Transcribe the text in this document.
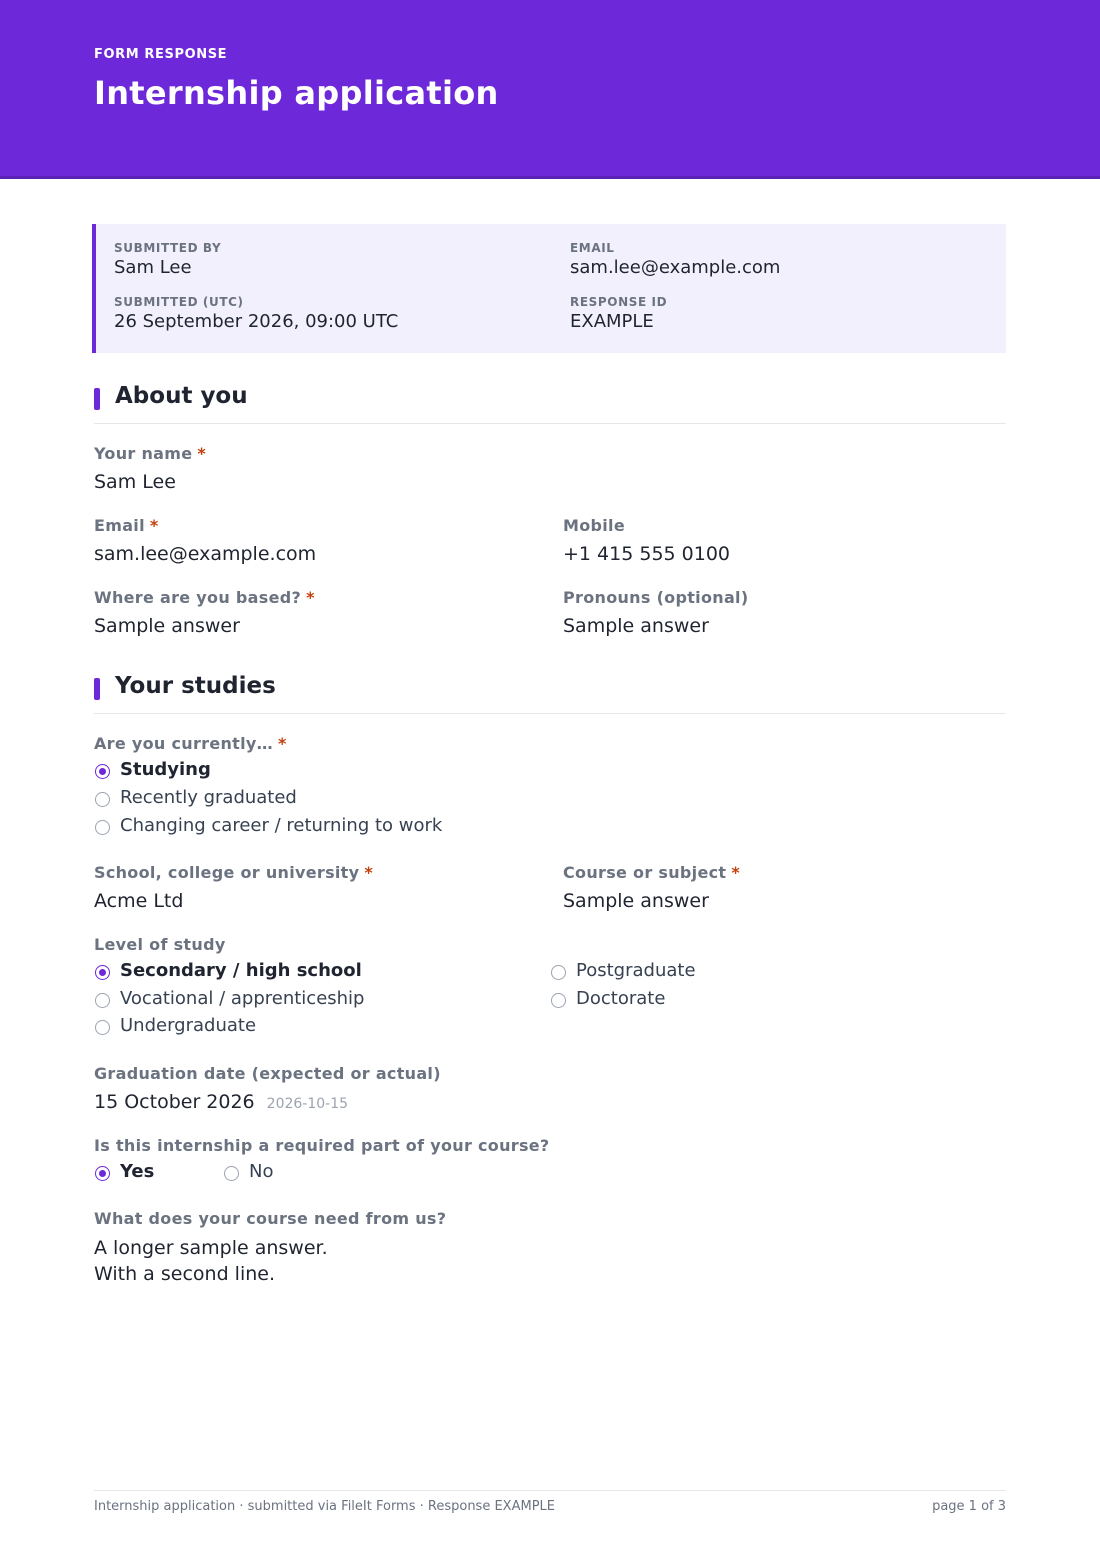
FORM RESPONSE
Internship application
SUBMITTED BY
Sam Lee
EMAIL
sam.lee@example.com
SUBMITTED (UTC)
26 September 2026, 09:00 UTC
RESPONSE ID
EXAMPLE
About you
Your name *
Sam Lee
Email *
sam.lee@example.com
Mobile
+1 415 555 0100
Where are you based? *
Sample answer
Pronouns (optional)
Sample answer
Your studies
Are you currently… *
Studying
Recently graduated
Changing career / returning to work
School, college or university *
Acme Ltd
Course or subject *
Sample answer
Level of study
Secondary / high school
Vocational / apprenticeship
Undergraduate
Postgraduate
Doctorate
Graduation date (expected or actual)
15 October 2026 2026-10-15
Is this internship a required part of your course?
Yes	No
What does your course need from us?
A longer sample answer.
With a second line.
Internship application · submitted via FileIt Forms · Response EXAMPLE	page 1 of 3
